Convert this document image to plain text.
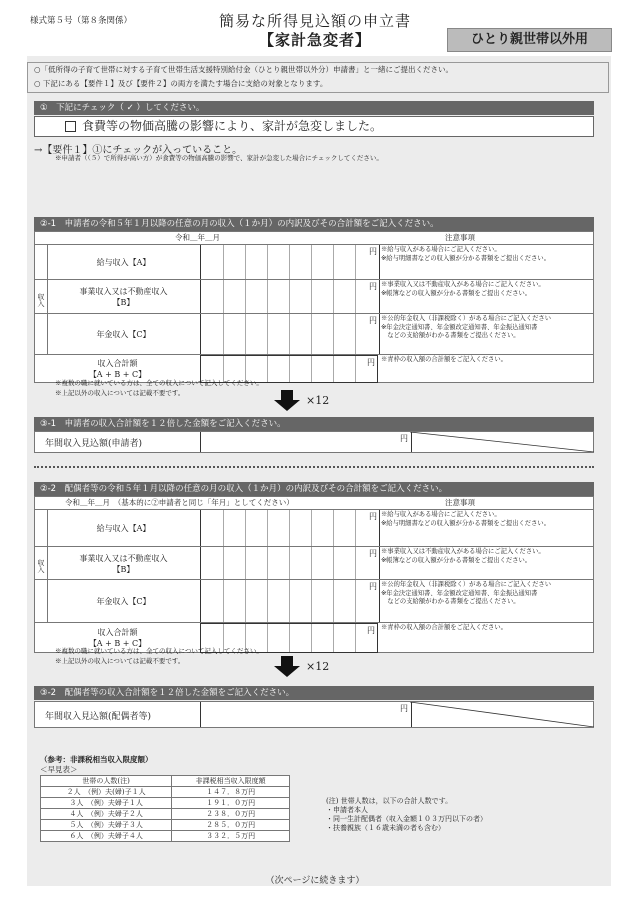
様式第５号（第８条関係）	簡易な所得見込額の申立書
【家計急変者】	ひとり親世帯以外用
○「低所得の子育て世帯に対する子育て世帯生活支援特別給付金（ひとり親世帯以外分）申請書」と一緒にご提出ください。
○ 下記にある【要件１】及び【要件２】の両方を満たす場合に支給の対象となります。
①　下記にチェック（ ✓ ）してください。
食費等の物価高騰の影響により、家計が急変しました。
→【要件１】①にチェックが入っていること。
※申請者（（５）で所得が高い方）が食費等の物価高騰の影響で、家計が急変した場合にチェックしてください。
②-1　申請者の令和５年１月以降の任意の月の収入（１か月）の内訳及びその合計額をご記入ください。
令和＿年＿月	注意事項
収入
給与収入【A】
円 ※給与収入がある場合にご記入ください。
※給与明細書などの収入額が分かる書類をご提出ください。
事業収入又は不動産収入
【B】
円 ※事業収入又は不動産収入がある場合にご記入ください。
※帳簿などの収入額が分かる書類をご提出ください。
年金収入【C】
円 ※公的年金収入（非課税除く）がある場合にご記入ください
※年金決定通知書、年金額改定通知書、年金振込通知書
　などの支給額がわかる書類をご提出ください。
収入合計額
【A + B + C】
円 ※青枠の収入額の合計額をご記入ください。
※複数の職に就いている方は、全ての収入について記入してください。
※上記以外の収入については記載不要です。
×12
③-1　申請者の収入合計額を１２倍した金額をご記入ください。
年間収入見込額(申請者)
円
②-2　配偶者等の令和５年１月以降の任意の月の収入（１か月）の内訳及びその合計額をご記入ください。
令和＿年＿月　（基本的に②申請者と同じ「年月」としてください）	注意事項
収入
給与収入【A】
円 ※給与収入がある場合にご記入ください。
※給与明細書などの収入額が分かる書類をご提出ください。
事業収入又は不動産収入
【B】
円 ※事業収入又は不動産収入がある場合にご記入ください。
※帳簿などの収入額が分かる書類をご提出ください。
年金収入【C】
円 ※公的年金収入（非課税除く）がある場合にご記入ください
※年金決定通知書、年金額改定通知書、年金振込通知書
　などの支給額がわかる書類をご提出ください。
収入合計額
【A + B + C】
円 ※青枠の収入額の合計額をご記入ください。
※複数の職に就いている方は、全ての収入について記入してください。
※上記以外の収入については記載不要です。	×12
③-2　配偶者等の収入合計額を１２倍した金額をご記入ください。
年間収入見込額(配偶者等)
円
（参考：非課税相当収入限度額）
＜早見表＞
世帯の人数(注)	非課税相当収入限度額
２人　（例）夫(婦)子１人	１４７．８万円
３人　（例）夫婦子１人	１９１．０万円
４人　（例）夫婦子２人	２３８．０万円
５人　（例）夫婦子３人	２８５．０万円
６人　（例）夫婦子４人	３３２．５万円
(注) 世帯人数は，以下の合計人数です。
・申請者本人
・同一生計配偶者（収入金額１０３万円以下の者）
・扶養親族（１６歳未満の者も含む）
（次ページに続きます）
